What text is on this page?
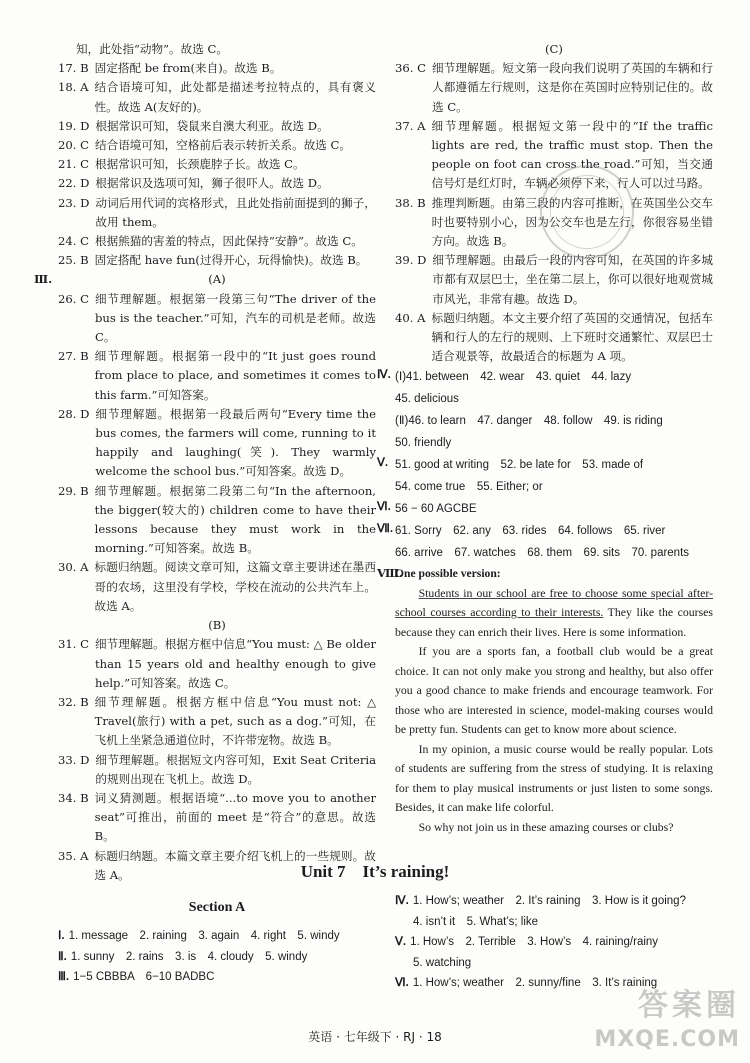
知，此处指“动物”。故选 C。
17. B 固定搭配 be from(来自)。故选 B。
18. A 结合语境可知，此处都是描述考拉特点的，具有褒义性。故选 A(友好的)。
19. D 根据常识可知，袋鼠来自澳大利亚。故选 D。
20. C 结合语境可知，空格前后表示转折关系。故选 C。
21. C 根据常识可知，长颈鹿脖子长。故选 C。
22. D 根据常识及选项可知，狮子很吓人。故选 D。
23. D 动词后用代词的宾格形式，且此处指前面提到的狮子，故用 them。
24. C 根据熊猫的害羞的特点，因此保持“安静”。故选 C。
25. B 固定搭配 have fun(过得开心，玩得愉快)。故选 B。
Ⅲ.	(A)
26. C 细节理解题。根据第一段第三句“The driver of the bus is the teacher.”可知，汽车的司机是老师。故选 C。
27. B 细节理解题。根据第一段中的“It just goes round from place to place, and sometimes it comes to this farm.”可知答案。
28. D 细节理解题。根据第一段最后两句“Every time the bus comes, the farmers will come, running to it happily and laughing(笑). They warmly welcome the school bus.”可知答案。故选 D。
29. B 细节理解题。根据第二段第二句“In the afternoon, the bigger(较大的) children come to have their lessons because they must work in the morning.”可知答案。故选 B。
30. A 标题归纳题。阅读文章可知，这篇文章主要讲述在墨西哥的农场，这里没有学校，学校在流动的公共汽车上。故选 A。
(B)
31. C 细节理解题。根据方框中信息“You must: △ Be older than 15 years old and healthy enough to give help.”可知答案。故选 C。
32. B 细节理解题。根据方框中信息“You must not: △ Travel(旅行) with a pet, such as a dog.”可知，在飞机上坐紧急通道位时，不许带宠物。故选 B。
33. D 细节理解题。根据短文内容可知，Exit Seat Criteria 的规则出现在飞机上。故选 D。
34. B 词义猜测题。根据语境“...to move you to another seat”可推出，前面的 meet 是“符合”的意思。故选 B。
35. A 标题归纳题。本篇文章主要介绍飞机上的一些规则。故选 A。
(C)
36. C 细节理解题。短文第一段向我们说明了英国的车辆和行人都遵循左行规则，这是你在英国时应特别记住的。故选 C。
37. A 细节理解题。根据短文第一段中的“If the traffic lights are red, the traffic must stop. Then the people on foot can cross the road.”可知，当交通信号灯是红灯时，车辆必须停下来，行人可以过马路。
38. B 推理判断题。由第三段的内容可推断，在英国坐公交车时也要特别小心，因为公交车也是左行，你很容易坐错方向。故选 B。
39. D 细节理解题。由最后一段的内容可知，在英国的许多城市都有双层巴士，坐在第二层上，你可以很好地观赏城市风光，非常有趣。故选 D。
40. A 标题归纳题。本文主要介绍了英国的交通情况，包括车辆和行人的左行的规则、上下班时交通繁忙、双层巴士适合观景等，故最适合的标题为 A 项。
Ⅳ. (Ⅰ)41. between　42. wear　43. quiet　44. lazy
45. delicious
(Ⅱ)46. to learn　47. danger　48. follow　49. is riding
50. friendly
Ⅴ. 51. good at writing　52. be late for　53. made of
54. come true　55. Either; or
Ⅵ. 56 − 60 AGCBE
Ⅶ. 61. Sorry　62. any　63. rides　64. follows　65. river
66. arrive　67. watches　68. them　69. sits　70. parents
Ⅷ.
One possible version:

Students in our school are free to choose some special after-school courses according to their interests. They like the courses because they can enrich their lives. Here is some information.

If you are a sports fan, a football club would be a great choice. It can not only make you strong and healthy, but also offer you a good chance to make friends and encourage teamwork. For those who are interested in science, model-making courses would be pretty fun. Students can get to know more about science.

In my opinion, a music course would be really popular. Lots of students are suffering from the stress of studying. It is relaxing for them to play musical instruments or just listen to some songs. Besides, it can make life colorful.

So why not join us in these amazing courses or clubs?

Unit 7　It’s raining!
Section A
Ⅰ. 1. message　2. raining　3. again　4. right　5. windy
Ⅱ. 1. sunny　2. rains　3. is　4. cloudy　5. windy
Ⅲ. 1−5 CBBBA　6−10 BADBC
Ⅳ. 1. How’s; weather　2. It’s raining　3. How is it going?
4. isn’t it　5. What’s; like
Ⅴ. 1. How’s　2. Terrible　3. How’s　4. raining/rainy
5. watching
Ⅵ. 1. How’s; weather　2. sunny/fine　3. It’s raining
英语 · 七年级下 · RJ · 18
答案圈
MXQE.COM
